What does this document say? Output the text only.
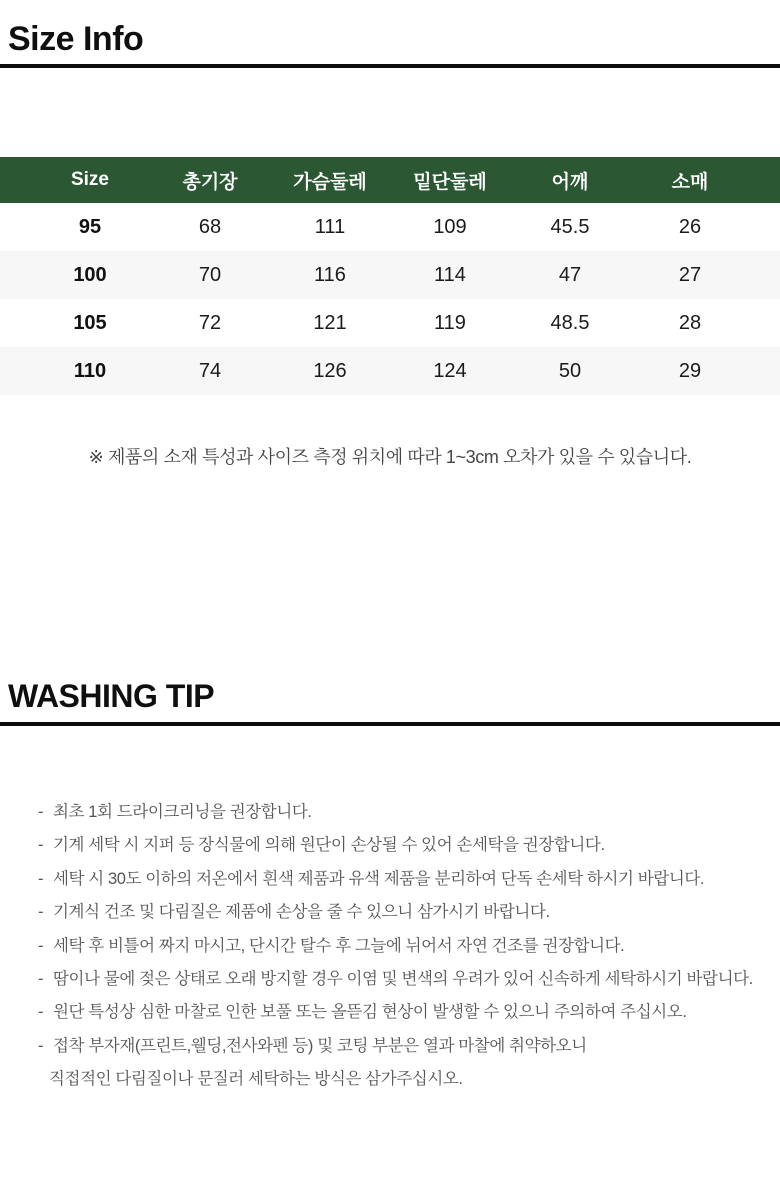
Size Info
Size	총기장	가슴둘레	밑단둘레	어깨	소매
95	68	111	109	45.5	26
100	70	116	114	47	27
105	72	121	119	48.5	28
110	74	126	124	50	29
※ 제품의 소재 특성과 사이즈 측정 위치에 따라 1~3cm 오차가 있을 수 있습니다.
WASHING TIP
- 최초 1회 드라이크리닝을 권장합니다.
- 기계 세탁 시 지퍼 등 장식물에 의해 원단이 손상될 수 있어 손세탁을 권장합니다.
- 세탁 시 30도 이하의 저온에서 흰색 제품과 유색 제품을 분리하여 단독 손세탁 하시기 바랍니다.
- 기계식 건조 및 다림질은 제품에 손상을 줄 수 있으니 삼가시기 바랍니다.
- 세탁 후 비틀어 짜지 마시고, 단시간 탈수 후 그늘에 뉘어서 자연 건조를 권장합니다.
- 땀이나 물에 젖은 상태로 오래 방지할 경우 이염 및 변색의 우려가 있어 신속하게 세탁하시기 바랍니다.
- 원단 특성상 심한 마찰로 인한 보풀 또는 올뜯김 현상이 발생할 수 있으니 주의하여 주십시오.
- 접착 부자재(프린트,웰딩,전사와펜 등) 및 코팅 부분은 열과 마찰에 취약하오니
직접적인 다림질이나 문질러 세탁하는 방식은 삼가주십시오.
